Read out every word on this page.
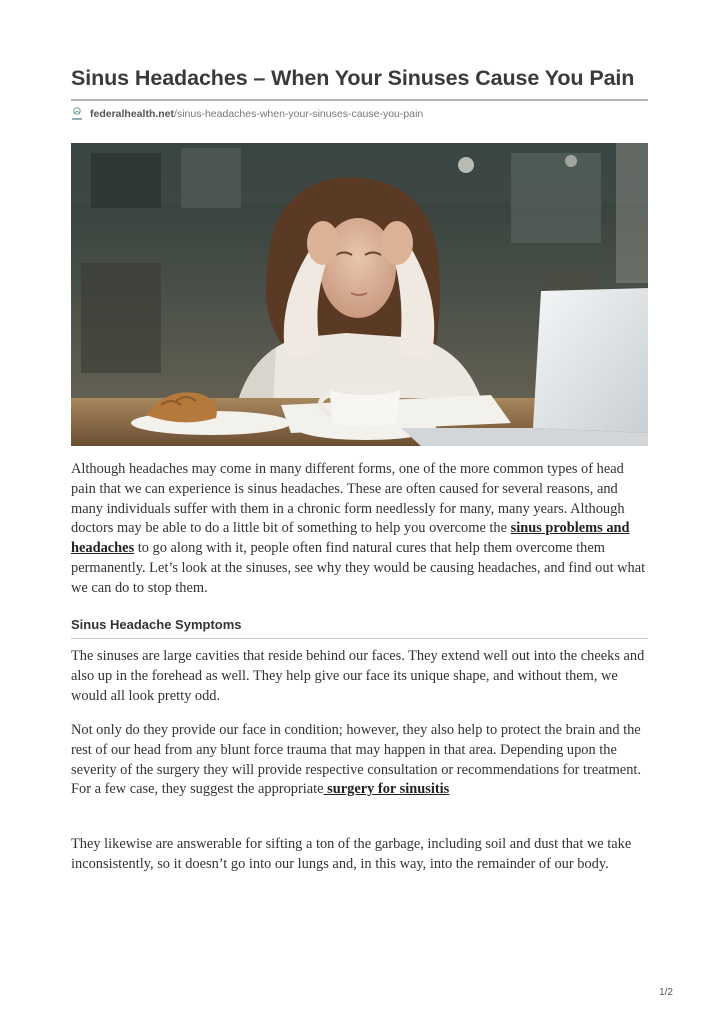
Sinus Headaches – When Your Sinuses Cause You Pain
federalhealth.net /sinus-headaches-when-your-sinuses-cause-you-pain

Although headaches may come in many different forms, one of the more common types of head pain that we can experience is sinus headaches. These are often caused for several reasons, and many individuals suffer with them in a chronic form needlessly for many, many years. Although doctors may be able to do a little bit of something to help you overcome the sinus problems and headaches to go along with it, people often find natural cures that help them overcome them permanently. Let’s look at the sinuses, see why they would be causing headaches, and find out what we can do to stop them.

Sinus Headache Symptoms

The sinuses are large cavities that reside behind our faces. They extend well out into the cheeks and also up in the forehead as well. They help give our face its unique shape, and without them, we would all look pretty odd.

Not only do they provide our face in condition; however, they also help to protect the brain and the rest of our head from any blunt force trauma that may happen in that area. Depending upon the severity of the surgery they will provide respective consultation or recommendations for treatment. For a few case, they suggest the appropriate surgery for sinusitis

They likewise are answerable for sifting a ton of the garbage, including soil and dust that we take inconsistently, so it doesn’t go into our lungs and, in this way, into the remainder of our body.

1/2
